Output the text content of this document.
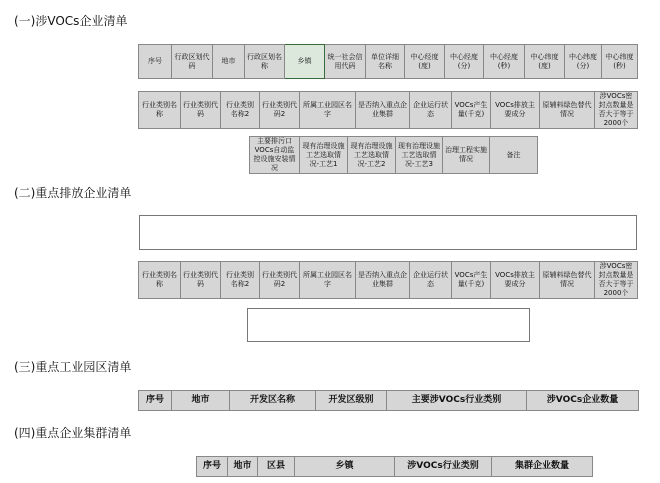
(一)涉VOCs企业清单
序号	行政区划代码	地市	行政区划名称	乡镇	统一社会信用代码	单位详细名称	中心经度(度)	中心经度(分)	中心经度(秒)	中心纬度(度)	中心纬度(分)	中心纬度(秒)
行业类别名称	行业类别代码	行业类别名称2	行业类别代码2	所属工业园区名字	是否纳入重点企业集群	企业运行状态	VOCs产生量(千克)	VOCs排放主要成分	原辅料绿色替代情况	涉VOCs密封点数量是否大于等于2000个
主要排污口VOCs自动监控设施安装情况	现有治理设施工艺选取情况-工艺1	现有治理设施工艺选取情况-工艺2	现有治理设施工艺选取情况-工艺3	治理工程实施情况	备注
(二)重点排放企业清单
行业类别名称	行业类别代码	行业类别名称2	行业类别代码2	所属工业园区名字	是否纳入重点企业集群	企业运行状态	VOCs产生量(千克)	VOCs排放主要成分	原辅料绿色替代情况	涉VOCs密封点数量是否大于等于2000个
(三)重点工业园区清单
序号	地市	开发区名称	开发区级别	主要涉VOCs行业类别	涉VOCs企业数量
(四)重点企业集群清单
序号	地市	区县	乡镇	涉VOCs行业类别	集群企业数量
